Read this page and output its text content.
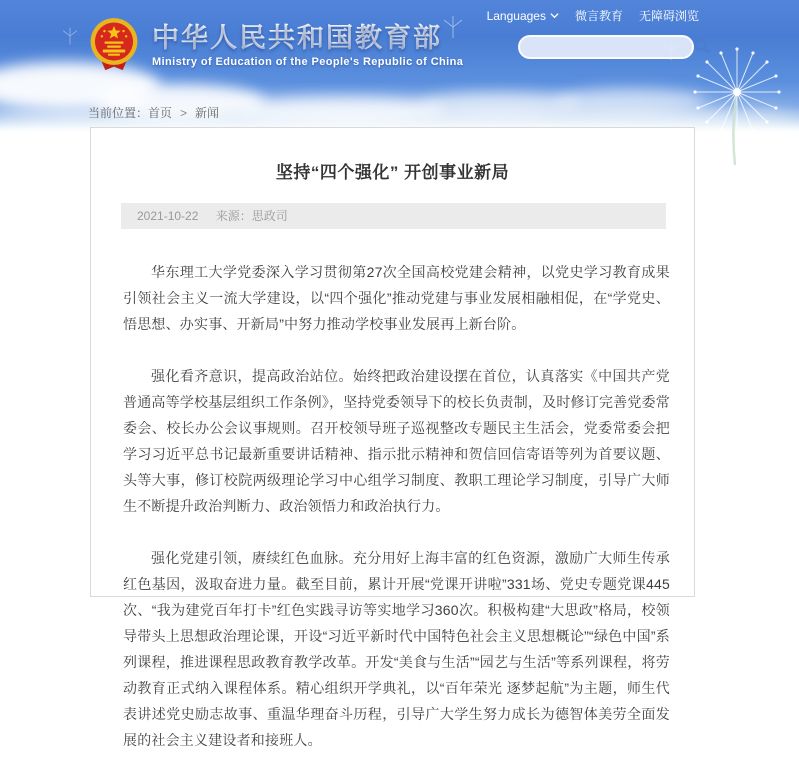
中华人民共和国教育部
Ministry of Education of the People's Republic of China
Languages 微言教育 无障碍浏览
当前位置：首页 > 新闻
坚持“四个强化” 开创事业新局
2021-10-22 来源：思政司

华东理工大学党委深入学习贯彻第27次全国高校党建会精神，以党史学习教育成果引领社会主义一流大学建设，以“四个强化”推动党建与事业发展相融相促，在“学党史、悟思想、办实事、开新局”中努力推动学校事业发展再上新台阶。

强化看齐意识，提高政治站位。始终把政治建设摆在首位，认真落实《中国共产党普通高等学校基层组织工作条例》，坚持党委领导下的校长负责制，及时修订完善党委常委会、校长办公会议事规则。召开校领导班子巡视整改专题民主生活会，党委常委会把学习习近平总书记最新重要讲话精神、指示批示精神和贺信回信寄语等列为首要议题、头等大事，修订校院两级理论学习中心组学习制度、教职工理论学习制度，引导广大师生不断提升政治判断力、政治领悟力和政治执行力。

强化党建引领，赓续红色血脉。充分用好上海丰富的红色资源，激励广大师生传承红色基因，汲取奋进力量。截至目前，累计开展“党课开讲啦”331场、党史专题党课445次、“我为建党百年打卡”红色实践寻访等实地学习360次。积极构建“大思政”格局，校领导带头上思想政治理论课，开设“习近平新时代中国特色社会主义思想概论”“绿色中国”系列课程，推进课程思政教育教学改革。开发“美食与生活”“园艺与生活”等系列课程，将劳动教育正式纳入课程体系。精心组织开学典礼，以“百年荣光 逐梦起航”为主题，师生代表讲述党史励志故事、重温华理奋斗历程，引导广大学生努力成长为德智体美劳全面发展的社会主义建设者和接班人。
